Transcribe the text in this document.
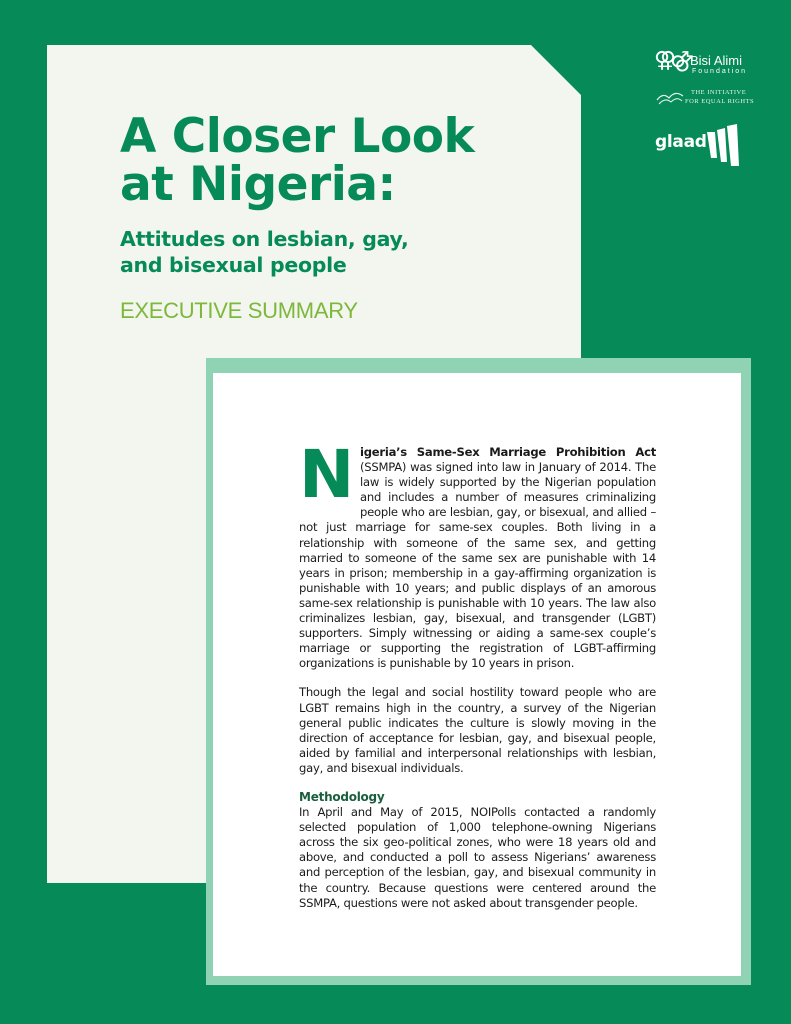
A Closer Look
at Nigeria:
Attitudes on lesbian, gay,
and bisexual people
EXECUTIVE SUMMARY
⚢⚣ Bisi Alimi
Foundation
THE INITIATIVE
FOR EQUAL RIGHTS
glaad

Nigeria’s Same-Sex Marriage Prohibition Act (SSMPA) was signed into law in January of 2014. The law is widely supported by the Nigerian population and includes a number of measures criminalizing people who are lesbian, gay, or bisexual, and allied – not just marriage for same-sex couples. Both living in a relationship with someone of the same sex, and getting married to someone of the same sex are punishable with 14 years in prison; membership in a gay-affirming organization is punishable with 10 years; and public displays of an amorous same-sex relationship is punishable with 10 years. The law also criminalizes lesbian, gay, bisexual, and transgender (LGBT) supporters. Simply witnessing or aiding a same-sex couple’s marriage or supporting the registration of LGBT-affirming organizations is punishable by 10 years in prison.

Though the legal and social hostility toward people who are LGBT remains high in the country, a survey of the Nigerian general public indicates the culture is slowly moving in the direction of acceptance for lesbian, gay, and bisexual people, aided by familial and interpersonal relationships with lesbian, gay, and bisexual individuals.

Methodology

In April and May of 2015, NOIPolls contacted a randomly selected population of 1,000 telephone-owning Nigerians across the six geo-political zones, who were 18 years old and above, and conducted a poll to assess Nigerians’ awareness and perception of the lesbian, gay, and bisexual community in the country. Because questions were centered around the SSMPA, questions were not asked about transgender people.
